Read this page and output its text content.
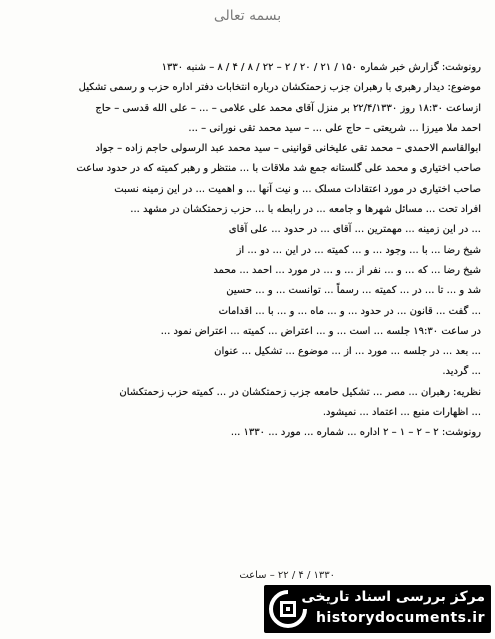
بسمه تعالی
رونوشت: گزارش خبر شماره ۱۵۰ / ۲۱ / ۲۰ / ۲ – ۲۲ / ۸ / ۴ / ۸ – شنبه ۱۳۳۰
موضوع: دیدار رهبری با رهبران جزب زحمتکشان درباره انتخابات دفتر اداره حزب و رسمی تشکیل
ازساعت ۱۸:۳۰ روز ۲۲/۴/۱۳۳۰ بر منزل آقای محمد علی علامی – ... – علی الله قدسی – حاج
احمد ملا میرزا ... شریعتی – حاج علی ... – سید محمد تقی نورانی – ...
ابوالقاسم الاحمدی – محمد تقی علیخانی قوانینی – سید محمد عبد الرسولی حاجم زاده – جواد
صاحب اختیاری و محمد علی گلستانه جمع شد ملاقات با ... منتظر و رهبر کمیته که در حدود ساعت
صاحب اختیاری در مورد اعتقادات مسلک ... و نیت آنها ... و اهمیت ... در این زمینه نسبت
افراد تحت ... مسائل شهرها و جامعه ... در رابطه با ... حزب زحمتکشان در مشهد ...
... در این زمینه ... مهمترین ... آقای ... در حدود ... علی آقای
شیخ رضا ... با ... وجود ... و ... کمیته ... در این ... دو ... از
شیخ رضا ... که ... و ... نفر از ... و ... در مورد ... احمد ... محمد
شد و ... تا ... در ... کمیته ... رسماً ... توانست ... و ... حسین
... گفت ... قانون ... در حدود ... و ... ماه ... و ... با ... اقدامات
در ساعت ۱۹:۳۰ جلسه ... است ... و ... اعتراض ... کمیته ... اعتراض نمود ...
... بعد ... در جلسه ... مورد ... از ... موضوع ... تشکیل ... عنوان
... گردید.
نظریه: رهبران ... مصر ... تشکیل حامعه جزب زحمتکشان در ... کمیته حزب زحمتکشان
... اظهارات منبع ... اعتماد ... نمیشود.
رونوشت: ۲ – ۲ – ۱ – ۲ اداره ... شماره ... مورد ... ۱۳۳۰ ...
۱۳۳۰ / ۴ / ۲۲ – ساعت
مرکز بررسی اسناد تاریخی
historydocuments.ir
